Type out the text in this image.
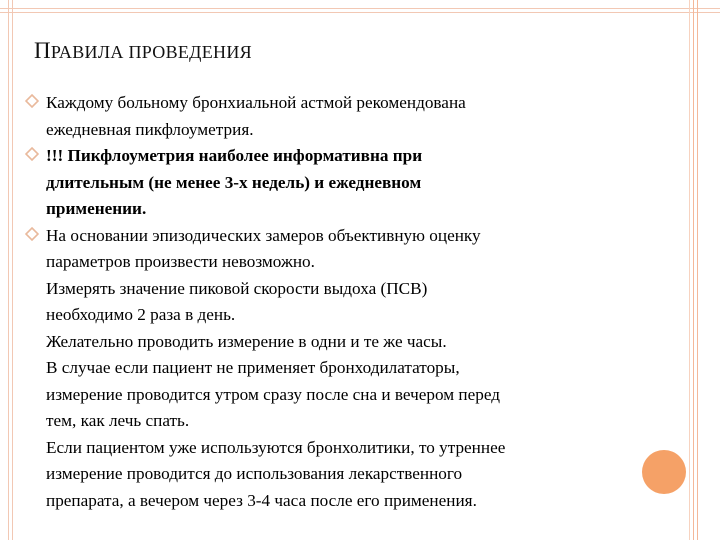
ПРАВИЛА ПРОВЕДЕНИЯ
Каждому больному бронхиальной астмой рекомендована
ежедневная пикфлоуметрия.
!!! Пикфлоуметрия наиболее информативна при
длительным (не менее 3-х недель) и ежедневном
применении.
На основании эпизодических замеров объективную оценку
параметров произвести невозможно.
Измерять значение пиковой скорости выдоха (ПСВ)
необходимо 2 раза в день.
Желательно проводить измерение в одни и те же часы.
В случае если пациент не применяет бронходилататоры,
измерение проводится утром сразу после сна и вечером перед
тем, как лечь спать.
Если пациентом уже используются бронхолитики, то утреннее
измерение проводится до использования лекарственного
препарата, а вечером через 3-4 часа после его применения.
